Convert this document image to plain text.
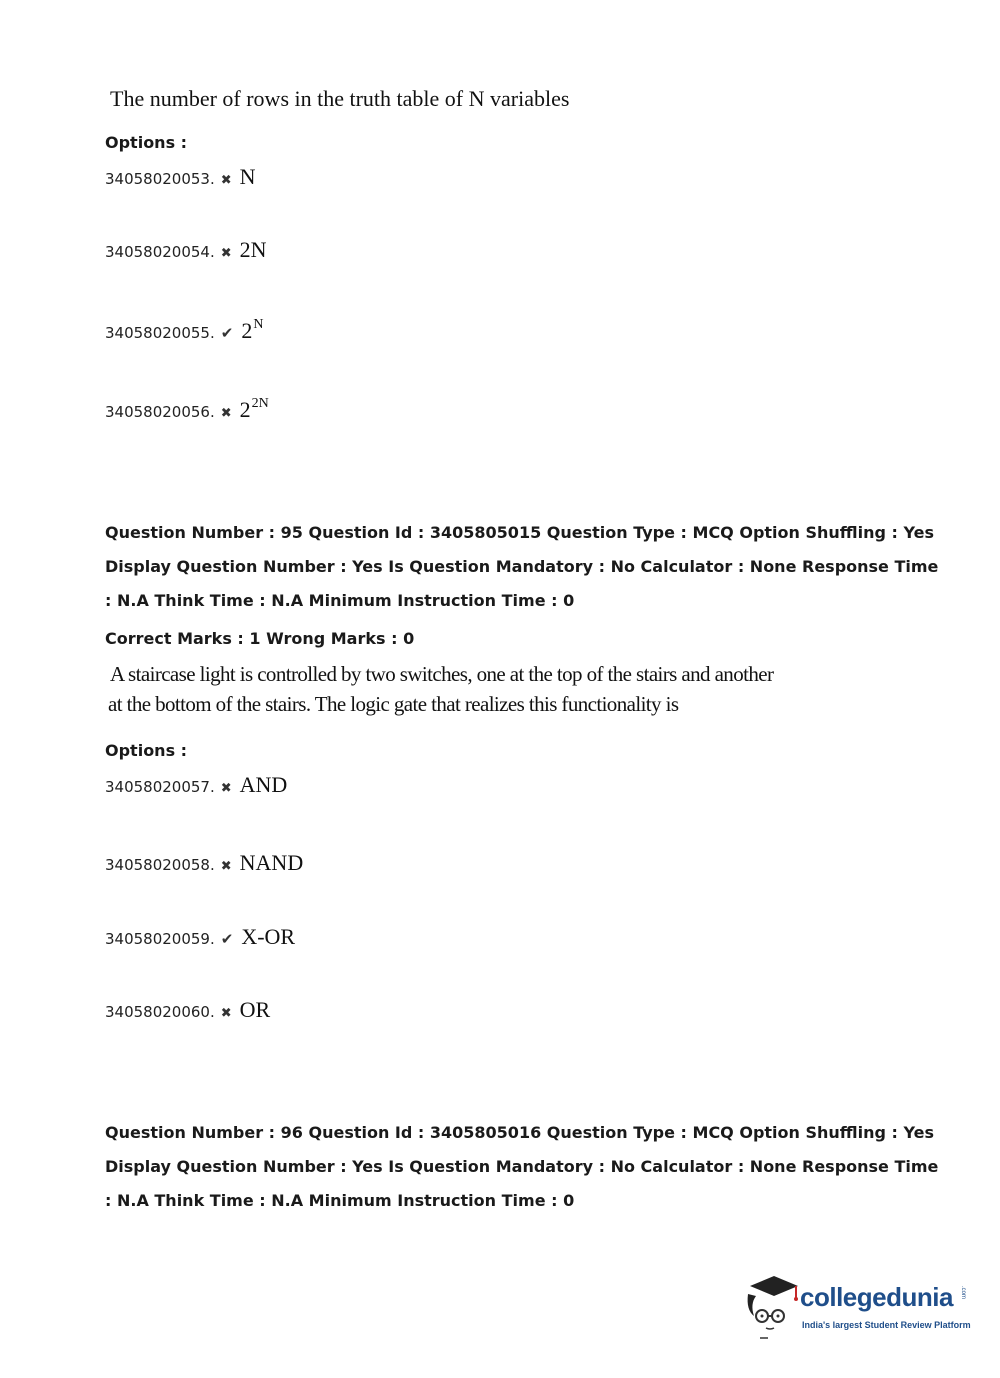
The number of rows in the truth table of N variables
Options :
34058020053. ✖ N
34058020054. ✖ 2N
34058020055. ✔ $2^N$
34058020056. ✖ $2^{2N}$
Question Number : 95 Question Id : 3405805015 Question Type : MCQ Option Shuffling : Yes
Display Question Number : Yes Is Question Mandatory : No Calculator : None Response Time
: N.A Think Time : N.A Minimum Instruction Time : 0
Correct Marks : 1 Wrong Marks : 0
A staircase light is controlled by two switches, one at the top of the stairs and another
at the bottom of the stairs. The logic gate that realizes this functionality is
Options :
34058020057. ✖ AND
34058020058. ✖ NAND
34058020059. ✔ X-OR
34058020060. ✖ OR
Question Number : 96 Question Id : 3405805016 Question Type : MCQ Option Shuffling : Yes
Display Question Number : Yes Is Question Mandatory : No Calculator : None Response Time
: N.A Think Time : N.A Minimum Instruction Time : 0
collegedunia .com
India's largest Student Review Platform
